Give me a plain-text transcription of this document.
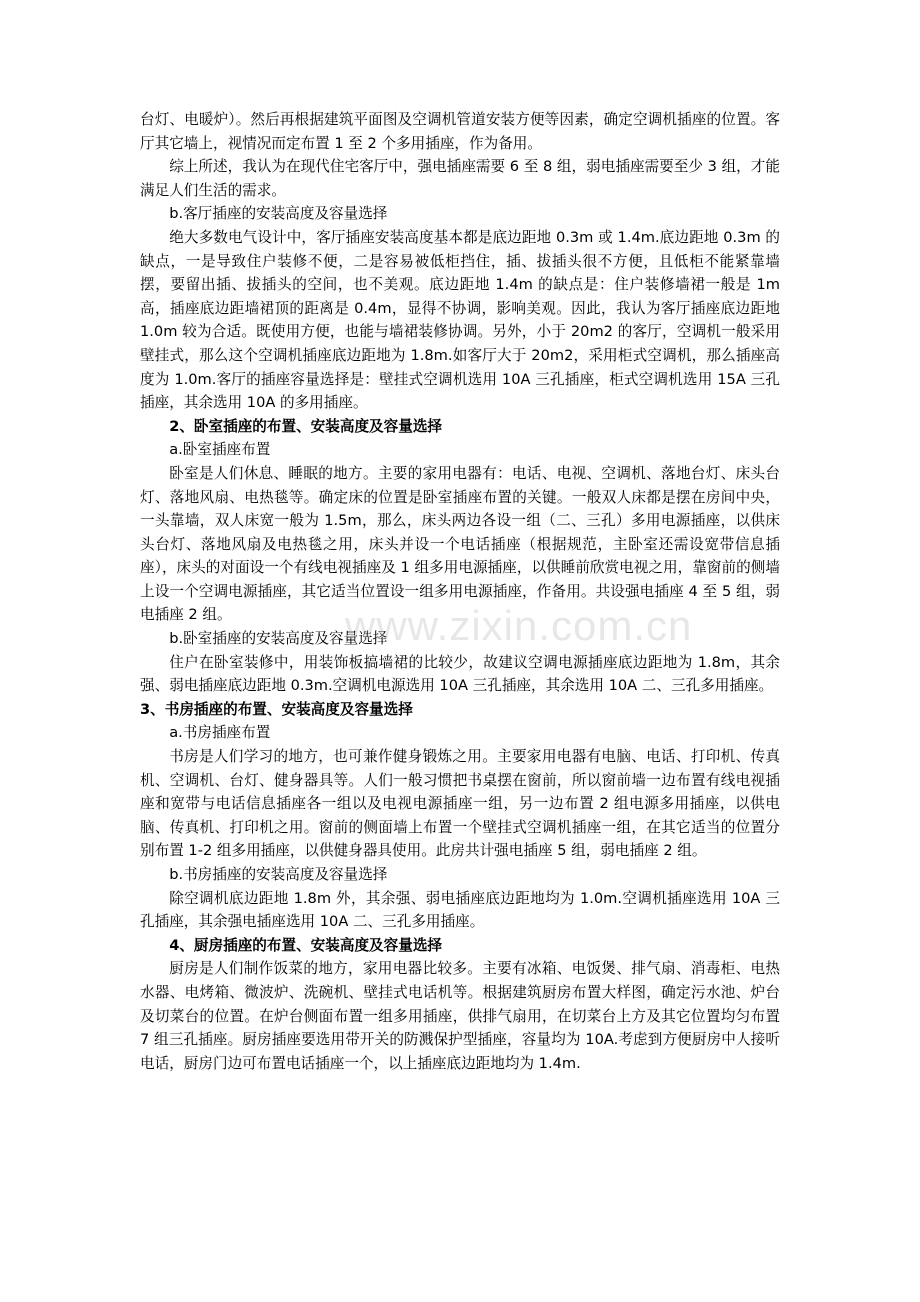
台灯、电暖炉）。然后再根据建筑平面图及空调机管道安装方便等因素，确定空调机插座的位置。客厅其它墙上，视情况而定布置 1 至 2 个多用插座，作为备用。

综上所述，我认为在现代住宅客厅中，强电插座需要 6 至 8 组，弱电插座需要至少 3 组，才能满足人们生活的需求。

b.客厅插座的安装高度及容量选择

绝大多数电气设计中，客厅插座安装高度基本都是底边距地 0.3m 或 1.4m.底边距地 0.3m 的缺点，一是导致住户装修不便，二是容易被低柜挡住，插、拔插头很不方便，且低柜不能紧靠墙摆，要留出插、拔插头的空间，也不美观。底边距地 1.4m 的缺点是：住户装修墙裙一般是 1m 高，插座底边距墙裙顶的距离是 0.4m，显得不协调，影响美观。因此，我认为客厅插座底边距地 1.0m 较为合适。既使用方便，也能与墙裙装修协调。另外，小于 20m2 的客厅，空调机一般采用壁挂式，那么这个空调机插座底边距地为 1.8m.如客厅大于 20m2，采用柜式空调机，那么插座高度为 1.0m.客厅的插座容量选择是：壁挂式空调机选用 10A 三孔插座，柜式空调机选用 15A 三孔插座，其余选用 10A 的多用插座。

2、卧室插座的布置、安装高度及容量选择

a.卧室插座布置

卧室是人们休息、睡眠的地方。主要的家用电器有：电话、电视、空调机、落地台灯、床头台灯、落地风扇、电热毯等。确定床的位置是卧室插座布置的关键。一般双人床都是摆在房间中央，一头靠墙，双人床宽一般为 1.5m，那么，床头两边各设一组（二、三孔）多用电源插座，以供床头台灯、落地风扇及电热毯之用，床头并设一个电话插座（根据规范，主卧室还需设宽带信息插座），床头的对面设一个有线电视插座及 1 组多用电源插座，以供睡前欣赏电视之用，靠窗前的侧墙上设一个空调电源插座，其它适当位置设一组多用电源插座，作备用。共设强电插座 4 至 5 组，弱电插座 2 组。

b.卧室插座的安装高度及容量选择

住户在卧室装修中，用装饰板搞墙裙的比较少，故建议空调电源插座底边距地为 1.8m，其余强、弱电插座底边距地 0.3m.空调机电源选用 10A 三孔插座，其余选用 10A 二、三孔多用插座。

3、书房插座的布置、安装高度及容量选择

a.书房插座布置

书房是人们学习的地方，也可兼作健身锻炼之用。主要家用电器有电脑、电话、打印机、传真机、空调机、台灯、健身器具等。人们一般习惯把书桌摆在窗前，所以窗前墙一边布置有线电视插座和宽带与电话信息插座各一组以及电视电源插座一组，另一边布置 2 组电源多用插座，以供电脑、传真机、打印机之用。窗前的侧面墙上布置一个壁挂式空调机插座一组，在其它适当的位置分别布置 1-2 组多用插座，以供健身器具使用。此房共计强电插座 5 组，弱电插座 2 组。

b.书房插座的安装高度及容量选择

除空调机底边距地 1.8m 外，其余强、弱电插座底边距地均为 1.0m.空调机插座选用 10A 三孔插座，其余强电插座选用 10A 二、三孔多用插座。

4、厨房插座的布置、安装高度及容量选择

厨房是人们制作饭菜的地方，家用电器比较多。主要有冰箱、电饭煲、排气扇、消毒柜、电热水器、电烤箱、微波炉、洗碗机、壁挂式电话机等。根据建筑厨房布置大样图，确定污水池、炉台及切菜台的位置。在炉台侧面布置一组多用插座，供排气扇用，在切菜台上方及其它位置均匀布置 7 组三孔插座。厨房插座要选用带开关的防溅保护型插座，容量均为 10A.考虑到方便厨房中人接听电话，厨房门边可布置电话插座一个，以上插座底边距地均为 1.4m.

www.zixin.com.cn
